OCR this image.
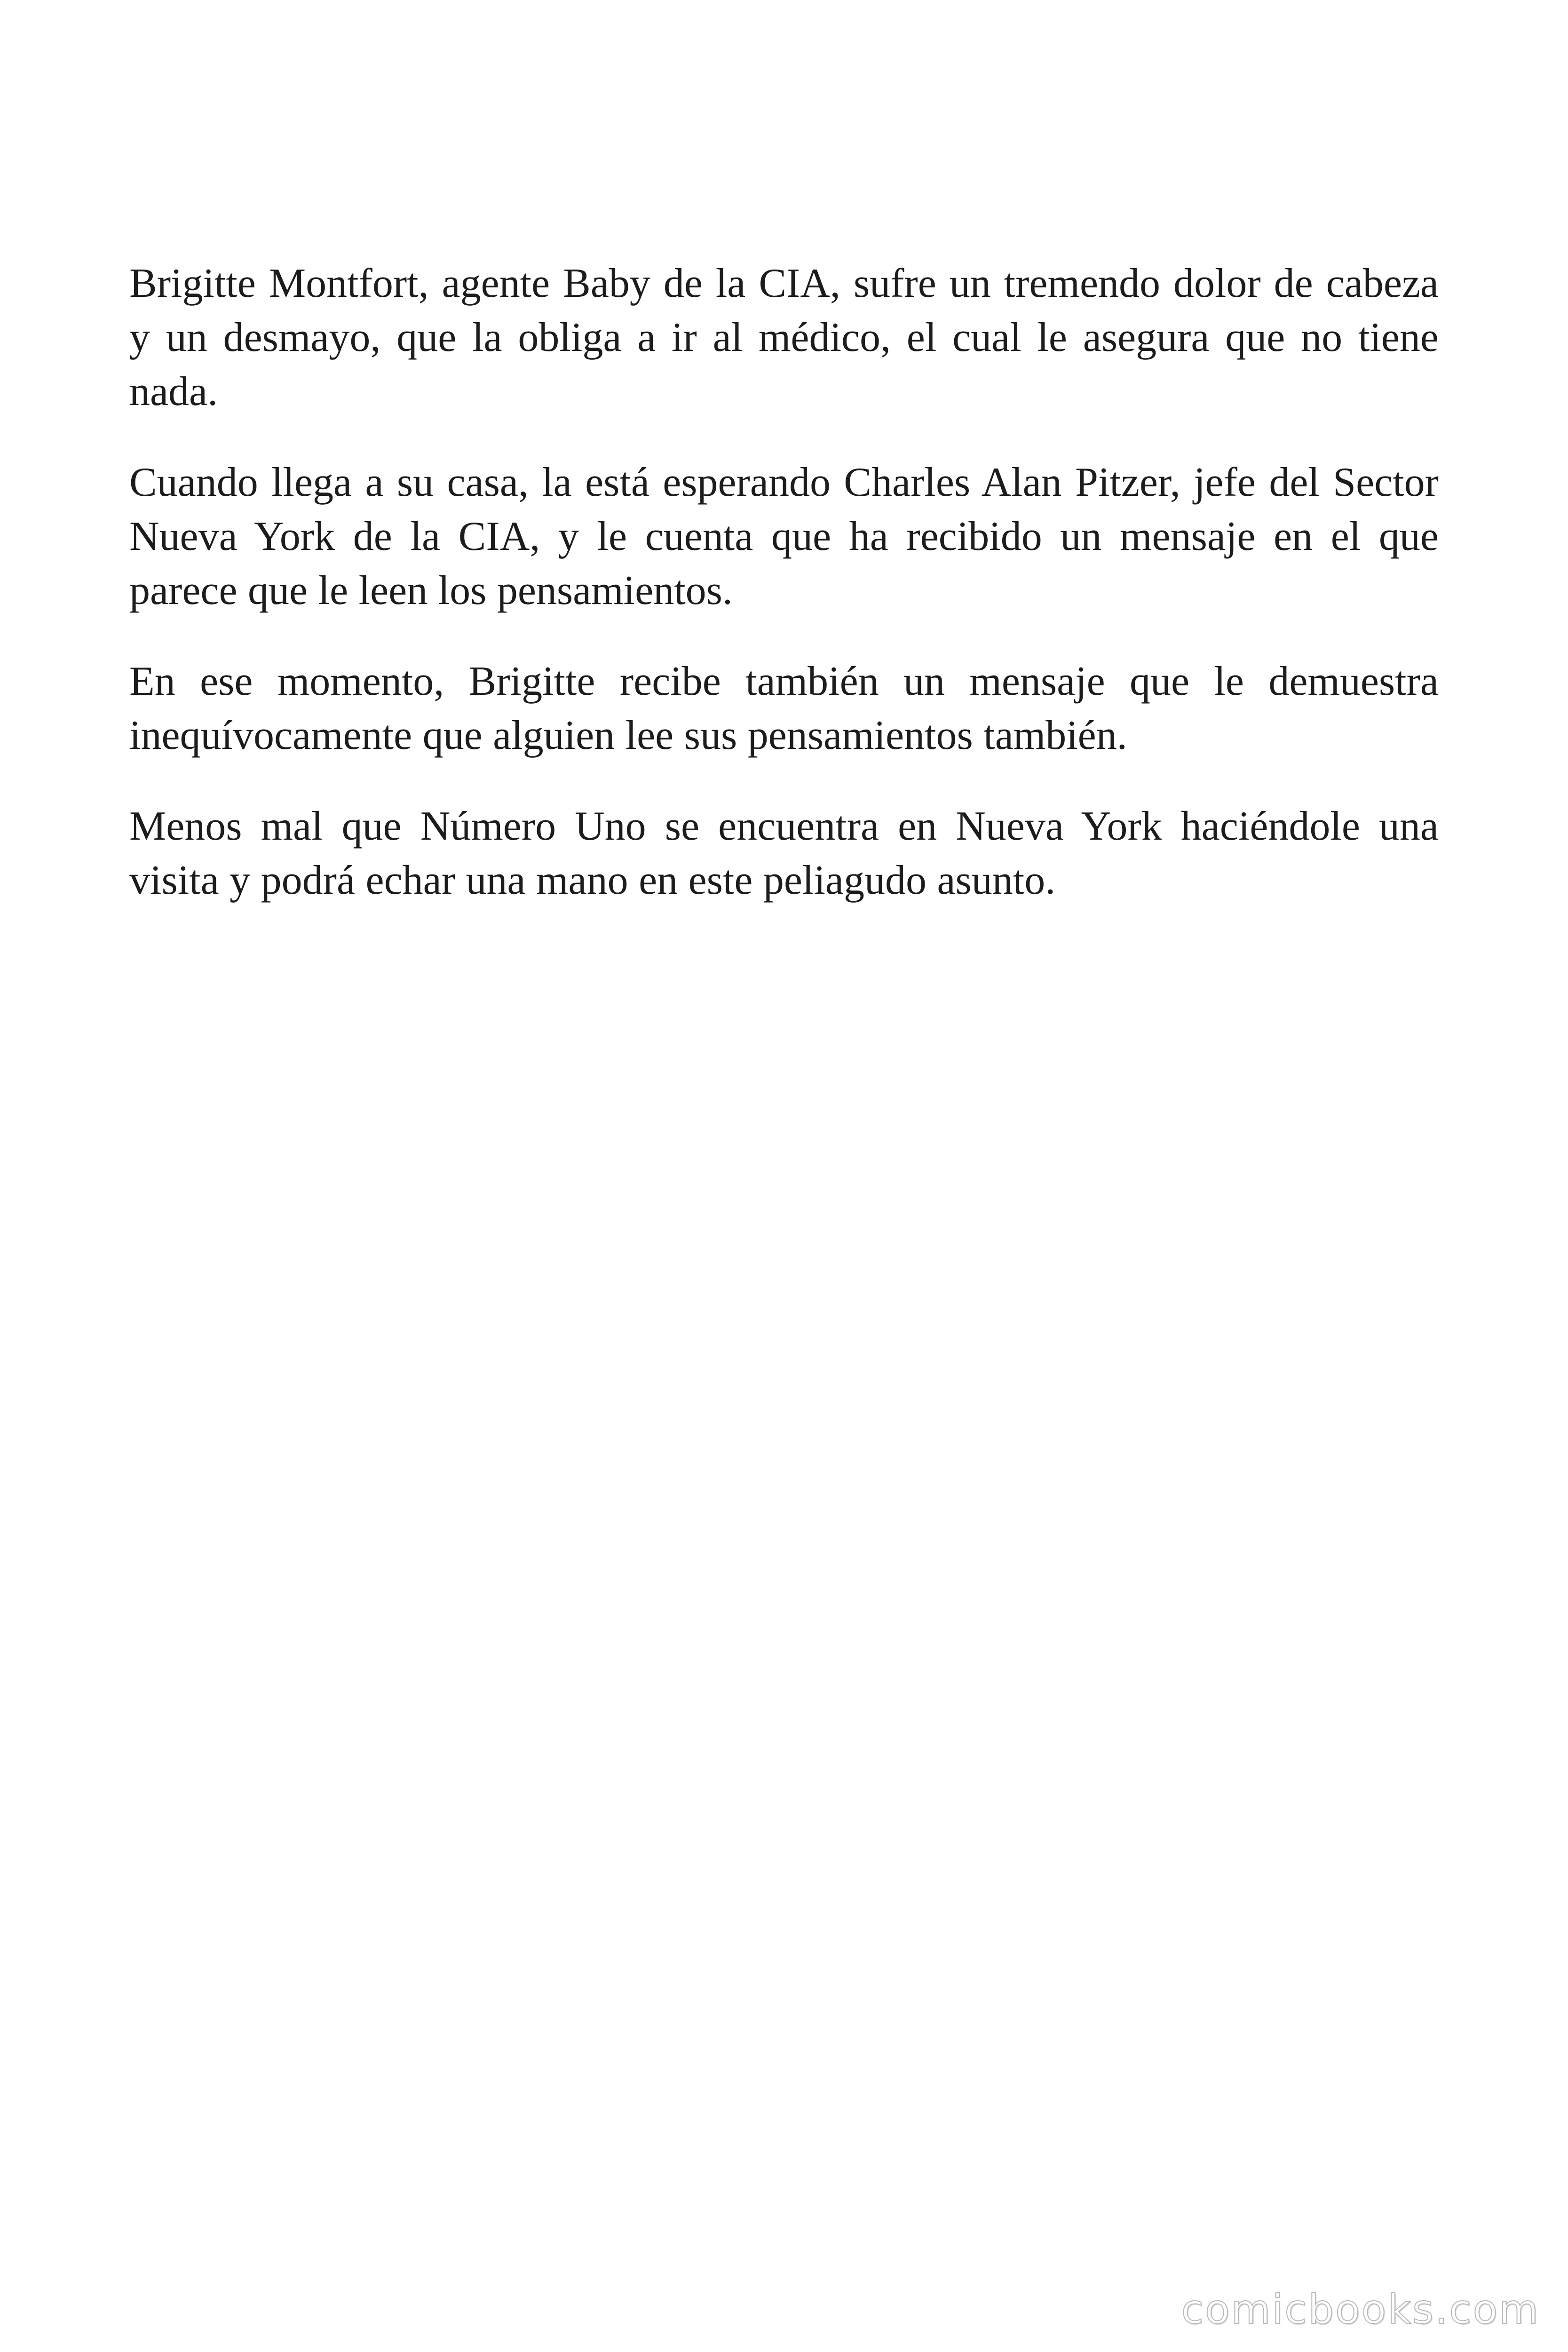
Brigitte Montfort, agente Baby de la CIA, sufre un tremendo dolor de cabeza y un desmayo, que la obliga a ir al médico, el cual le asegura que no tiene nada.

Cuando llega a su casa, la está esperando Charles Alan Pitzer, jefe del Sector Nueva York de la CIA, y le cuenta que ha recibido un mensaje en el que parece que le leen los pensamientos.

En ese momento, Brigitte recibe también un mensaje que le demuestra inequívocamente que alguien lee sus pensamientos también.

Menos mal que Número Uno se encuentra en Nueva York haciéndole una visita y podrá echar una mano en este peliagudo asunto.

comicbooks.com
